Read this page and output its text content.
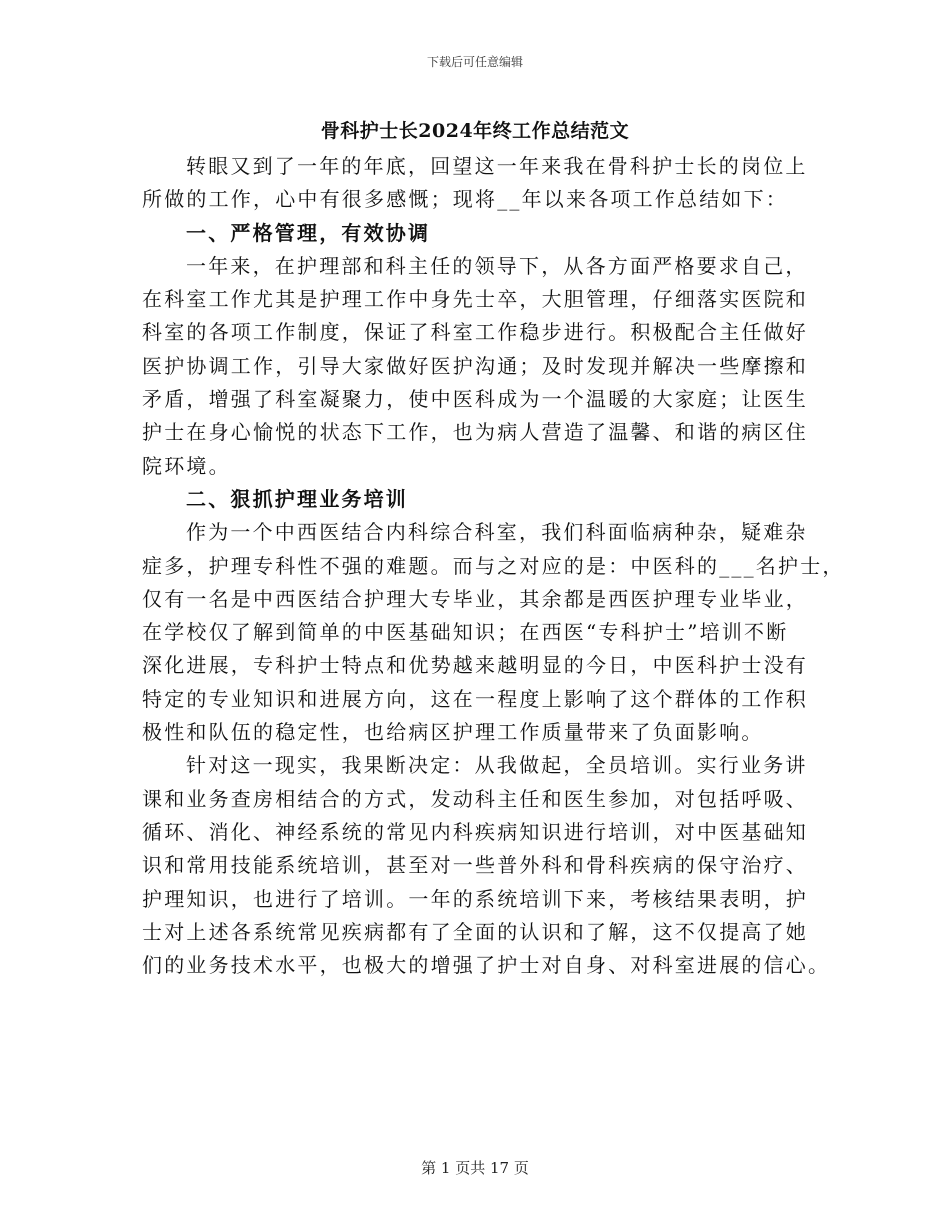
下载后可任意编辑
骨科护士长2024年终工作总结范文
转眼又到了一年的年底，回望这一年来我在骨科护士长的岗位上
所做的工作，心中有很多感慨；现将__年以来各项工作总结如下：
一、严格管理，有效协调
一年来，在护理部和科主任的领导下，从各方面严格要求自己，
在科室工作尤其是护理工作中身先士卒，大胆管理，仔细落实医院和
科室的各项工作制度，保证了科室工作稳步进行。积极配合主任做好
医护协调工作，引导大家做好医护沟通；及时发现并解决一些摩擦和
矛盾，增强了科室凝聚力，使中医科成为一个温暖的大家庭；让医生
护士在身心愉悦的状态下工作，也为病人营造了温馨、和谐的病区住
院环境。
二、狠抓护理业务培训
作为一个中西医结合内科综合科室，我们科面临病种杂，疑难杂
症多，护理专科性不强的难题。而与之对应的是：中医科的___名护士，
仅有一名是中西医结合护理大专毕业，其余都是西医护理专业毕业，
在学校仅了解到简单的中医基础知识；在西医“专科护士”培训不断
深化进展，专科护士特点和优势越来越明显的今日，中医科护士没有
特定的专业知识和进展方向，这在一程度上影响了这个群体的工作积
极性和队伍的稳定性，也给病区护理工作质量带来了负面影响。
针对这一现实，我果断决定：从我做起，全员培训。实行业务讲
课和业务查房相结合的方式，发动科主任和医生参加，对包括呼吸、
循环、消化、神经系统的常见内科疾病知识进行培训，对中医基础知
识和常用技能系统培训，甚至对一些普外科和骨科疾病的保守治疗、
护理知识，也进行了培训。一年的系统培训下来，考核结果表明，护
士对上述各系统常见疾病都有了全面的认识和了解，这不仅提高了她
们的业务技术水平，也极大的增强了护士对自身、对科室进展的信心。
第 1 页共 17 页
